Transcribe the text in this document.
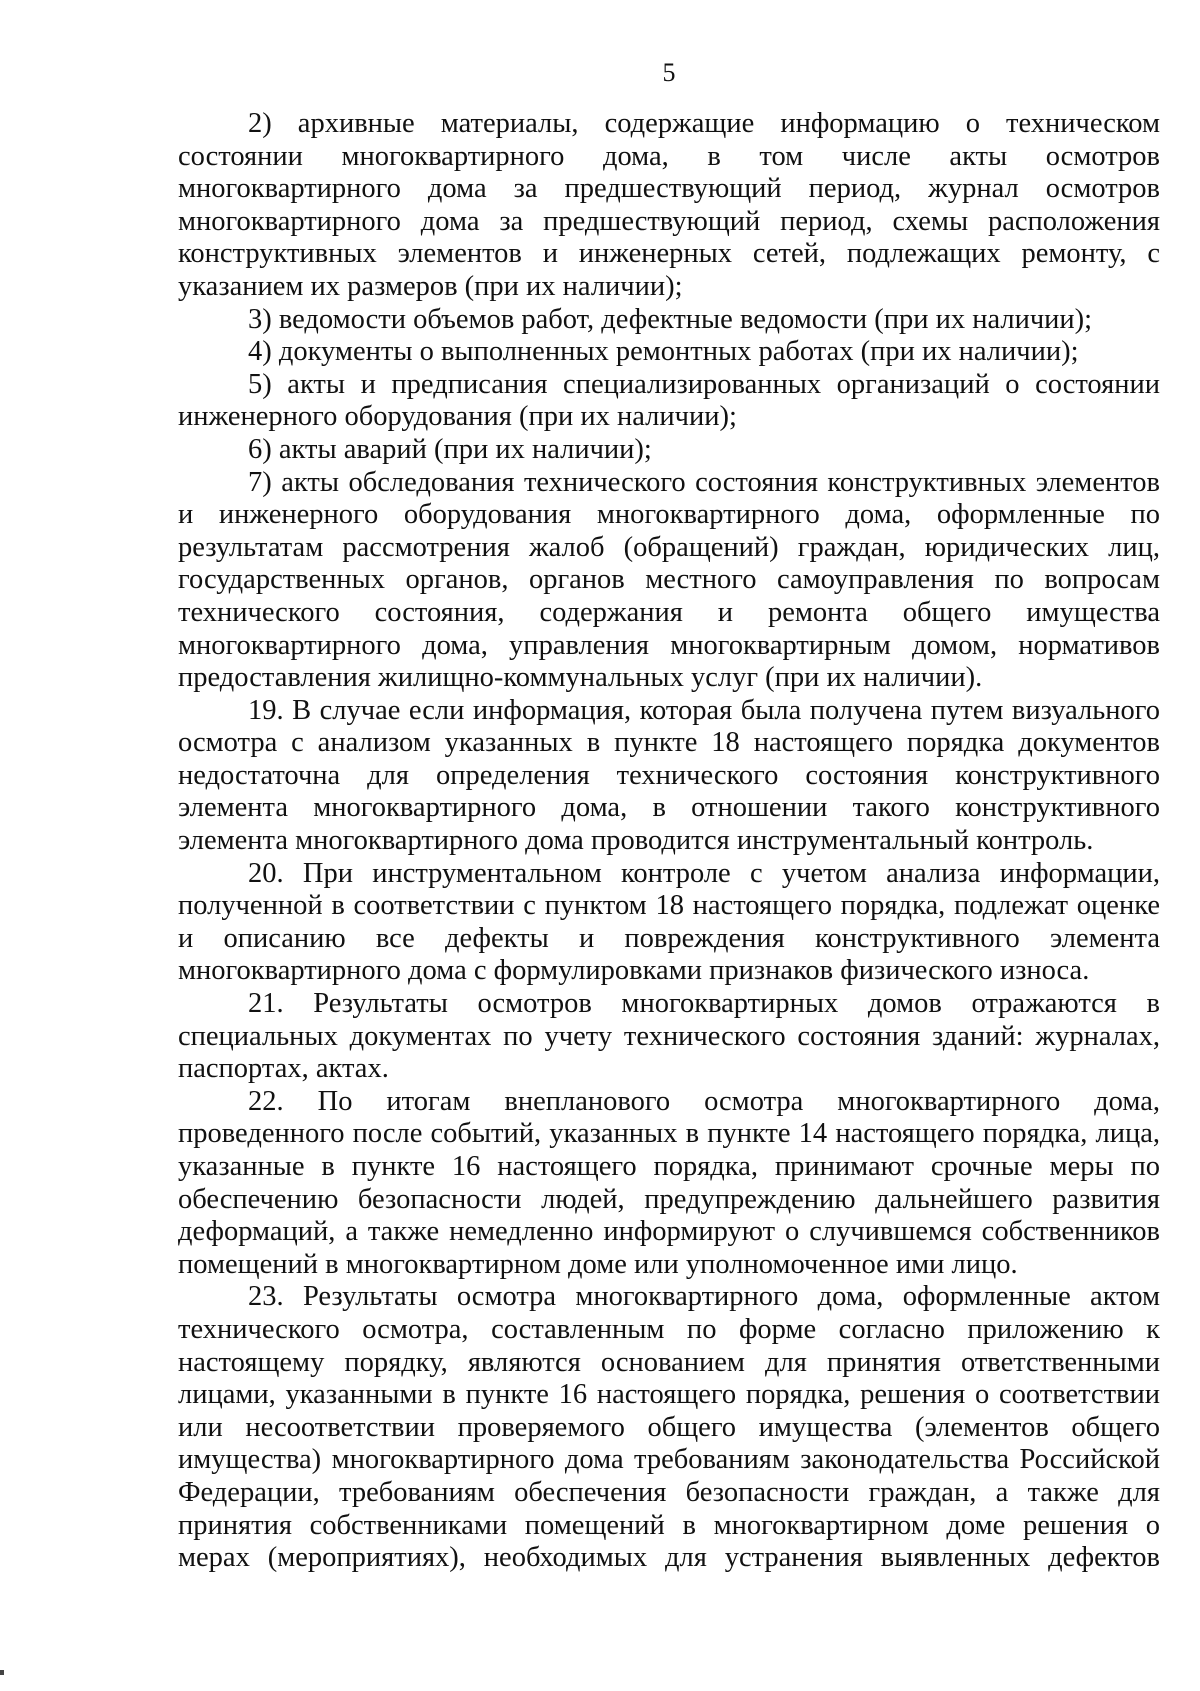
5

2) архивные материалы, содержащие информацию о техническом состоянии многоквартирного дома, в том числе акты осмотров многоквартирного дома за предшествующий период, журнал осмотров многоквартирного дома за предшествующий период, схемы расположения конструктивных элементов и инженерных сетей, подлежащих ремонту, с указанием их размеров (при их наличии);

3) ведомости объемов работ, дефектные ведомости (при их наличии);

4) документы о выполненных ремонтных работах (при их наличии);

5) акты и предписания специализированных организаций о состоянии инженерного оборудования (при их наличии);

6) акты аварий (при их наличии);

7) акты обследования технического состояния конструктивных элементов и инженерного оборудования многоквартирного дома, оформленные по результатам рассмотрения жалоб (обращений) граждан, юридических лиц, государственных органов, органов местного самоуправления по вопросам технического состояния, содержания и ремонта общего имущества многоквартирного дома, управления многоквартирным домом, нормативов предоставления жилищно-коммунальных услуг (при их наличии).

19. В случае если информация, которая была получена путем визуального осмотра с анализом указанных в пункте 18 настоящего порядка документов недостаточна для определения технического состояния конструктивного элемента многоквартирного дома, в отношении такого конструктивного элемента многоквартирного дома проводится инструментальный контроль.

20. При инструментальном контроле с учетом анализа информации, полученной в соответствии с пунктом 18 настоящего порядка, подлежат оценке и описанию все дефекты и повреждения конструктивного элемента многоквартирного дома с формулировками признаков физического износа.

21. Результаты осмотров многоквартирных домов отражаются в специальных документах по учету технического состояния зданий: журналах, паспортах, актах.

22. По итогам внепланового осмотра многоквартирного дома, проведенного после событий, указанных в пункте 14 настоящего порядка, лица, указанные в пункте 16 настоящего порядка, принимают срочные меры по обеспечению безопасности людей, предупреждению дальнейшего развития деформаций, а также немедленно информируют о случившемся собственников помещений в многоквартирном доме или уполномоченное ими лицо.

23. Результаты осмотра многоквартирного дома, оформленные актом технического осмотра, составленным по форме согласно приложению к настоящему порядку, являются основанием для принятия ответственными лицами, указанными в пункте 16 настоящего порядка, решения о соответствии или несоответствии проверяемого общего имущества (элементов общего имущества) многоквартирного дома требованиям законодательства Российской Федерации, требованиям обеспечения безопасности граждан, а также для принятия собственниками помещений в многоквартирном доме решения о мерах (мероприятиях), необходимых для устранения выявленных дефектов
